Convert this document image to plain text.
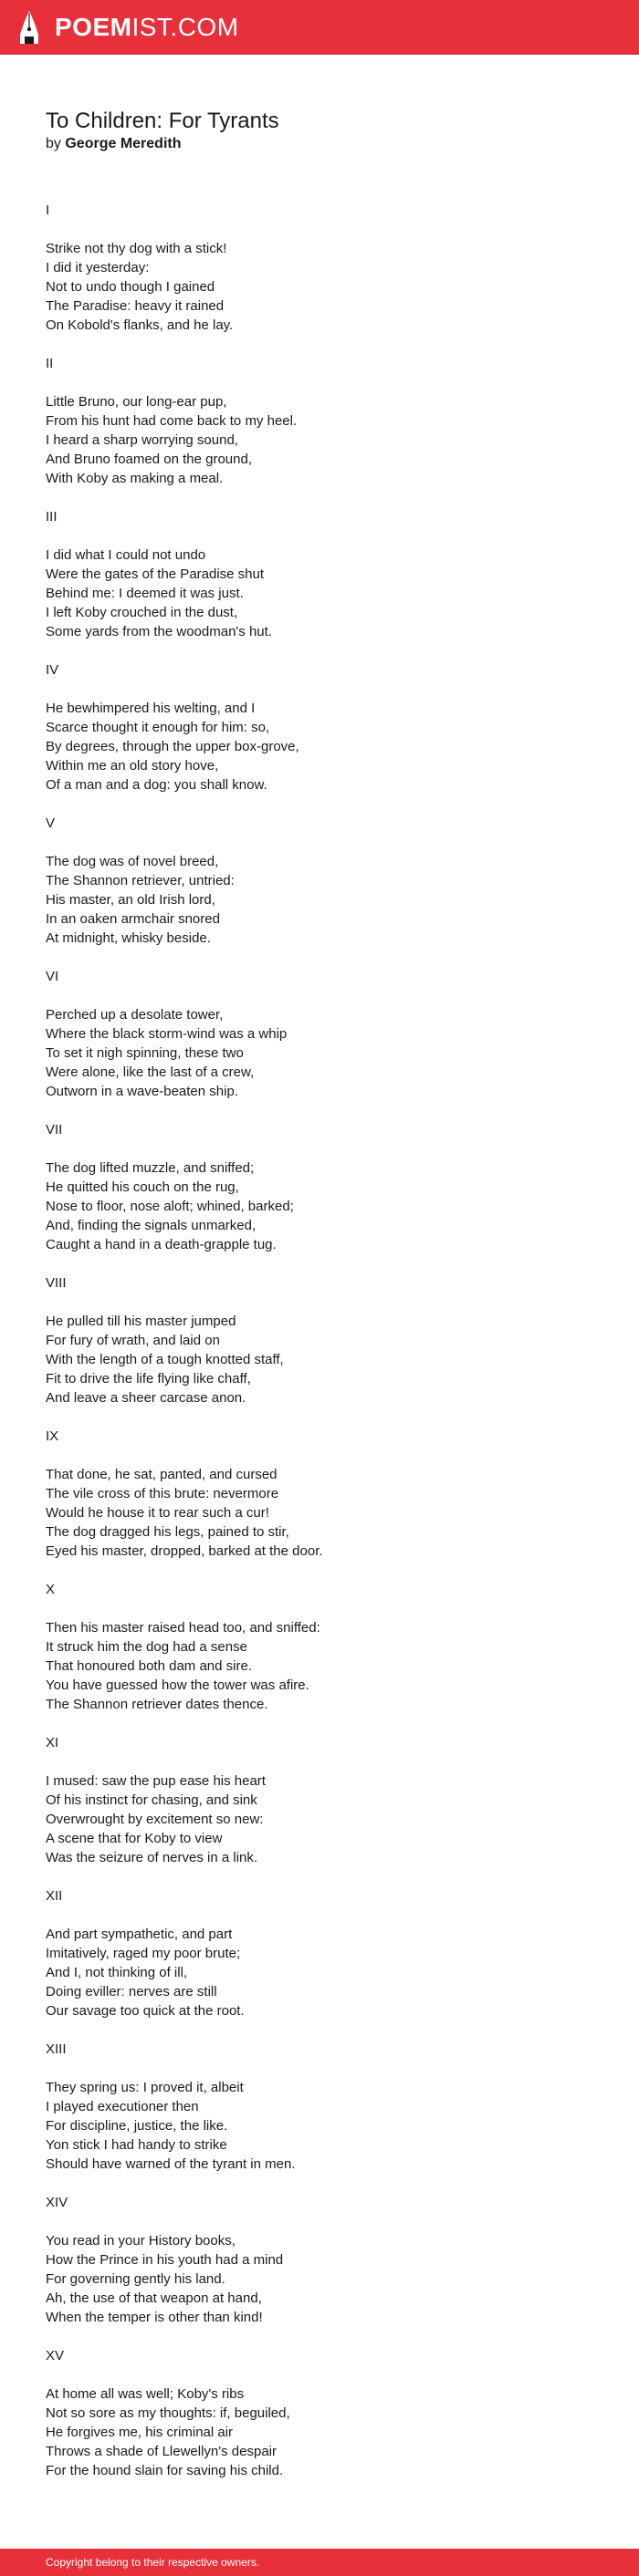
POEMIST.COM
To Children: For Tyrants
by George Meredith
I
Strike not thy dog with a stick!
I did it yesterday:
Not to undo though I gained
The Paradise: heavy it rained
On Kobold's flanks, and he lay.
II
Little Bruno, our long-ear pup,
From his hunt had come back to my heel.
I heard a sharp worrying sound,
And Bruno foamed on the ground,
With Koby as making a meal.
III
I did what I could not undo
Were the gates of the Paradise shut
Behind me: I deemed it was just.
I left Koby crouched in the dust,
Some yards from the woodman's hut.
IV
He bewhimpered his welting, and I
Scarce thought it enough for him: so,
By degrees, through the upper box-grove,
Within me an old story hove,
Of a man and a dog: you shall know.
V
The dog was of novel breed,
The Shannon retriever, untried:
His master, an old Irish lord,
In an oaken armchair snored
At midnight, whisky beside.
VI
Perched up a desolate tower,
Where the black storm-wind was a whip
To set it nigh spinning, these two
Were alone, like the last of a crew,
Outworn in a wave-beaten ship.
VII
The dog lifted muzzle, and sniffed;
He quitted his couch on the rug,
Nose to floor, nose aloft; whined, barked;
And, finding the signals unmarked,
Caught a hand in a death-grapple tug.
VIII
He pulled till his master jumped
For fury of wrath, and laid on
With the length of a tough knotted staff,
Fit to drive the life flying like chaff,
And leave a sheer carcase anon.
IX
That done, he sat, panted, and cursed
The vile cross of this brute: nevermore
Would he house it to rear such a cur!
The dog dragged his legs, pained to stir,
Eyed his master, dropped, barked at the door.
X
Then his master raised head too, and sniffed:
It struck him the dog had a sense
That honoured both dam and sire.
You have guessed how the tower was afire.
The Shannon retriever dates thence.
XI
I mused: saw the pup ease his heart
Of his instinct for chasing, and sink
Overwrought by excitement so new:
A scene that for Koby to view
Was the seizure of nerves in a link.
XII
And part sympathetic, and part
Imitatively, raged my poor brute;
And I, not thinking of ill,
Doing eviller: nerves are still
Our savage too quick at the root.
XIII
They spring us: I proved it, albeit
I played executioner then
For discipline, justice, the like.
Yon stick I had handy to strike
Should have warned of the tyrant in men.
XIV
You read in your History books,
How the Prince in his youth had a mind
For governing gently his land.
Ah, the use of that weapon at hand,
When the temper is other than kind!
XV
At home all was well; Koby's ribs
Not so sore as my thoughts: if, beguiled,
He forgives me, his criminal air
Throws a shade of Llewellyn's despair
For the hound slain for saving his child.
Copyright belong to their respective owners.
